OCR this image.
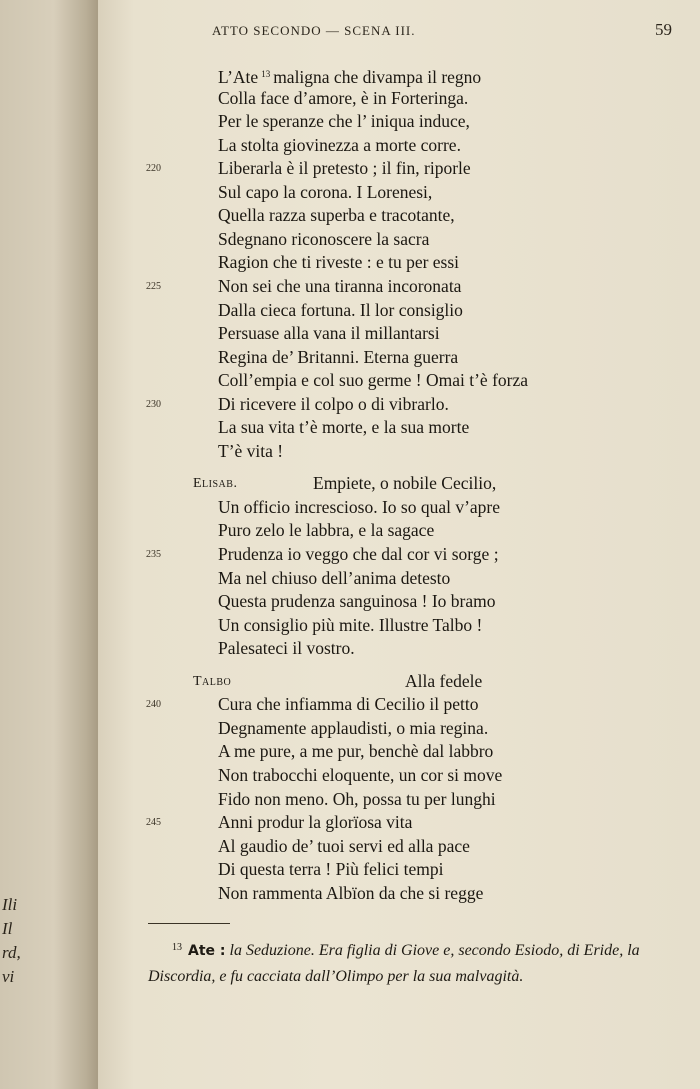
Ili
Il
rd,
vi
ATTO SECONDO — SCENA III.	59
L’Ate $^{13}$ maligna che divampa il regno
Colla face d’amore, è in Forteringa.
Per le speranze che l’ iniqua induce,
La stolta giovinezza a morte corre.
Liberarla è il pretesto ; il fin, riporle
220
Sul capo la corona. I Lorenesi,
Quella razza superba e tracotante,
Sdegnano riconoscere la sacra
Ragion che ti riveste : e tu per essi
Non sei che una tiranna incoronata
225
Dalla cieca fortuna. Il lor consiglio
Persuase alla vana il millantarsi
Regina de’ Britanni. Eterna guerra
Coll’empia e col suo germe ! Omai t’è forza
Di ricevere il colpo o di vibrarlo.
230
La sua vita t’è morte, e la sua morte
T’è vita !
Elisab.	Empiete, o nobile Cecilio,
Un officio increscioso. Io so qual v’apre
Puro zelo le labbra, e la sagace
Prudenza io veggo che dal cor vi sorge ;
235
Ma nel chiuso dell’anima detesto
Questa prudenza sanguinosa ! Io bramo
Un consiglio più mite. Illustre Talbo !
Palesateci il vostro.
Talbo	Alla fedele
Cura che infiamma di Cecilio il petto
240
Degnamente applaudisti, o mia regina.
A me pure, a me pur, benchè dal labbro
Non trabocchi eloquente, un cor si move
Fido non meno. Oh, possa tu per lunghi
Anni produr la glorïosa vita
245
Al gaudio de’ tuoi servi ed alla pace
Di questa terra ! Più felici tempi
Non rammenta Albïon da che si regge
$^{13}$ Ate : la Seduzione. Era figlia di Giove e, secondo Esiodo, di Eride, la Discordia, e fu cacciata dall’Olimpo per la sua malvagità.
